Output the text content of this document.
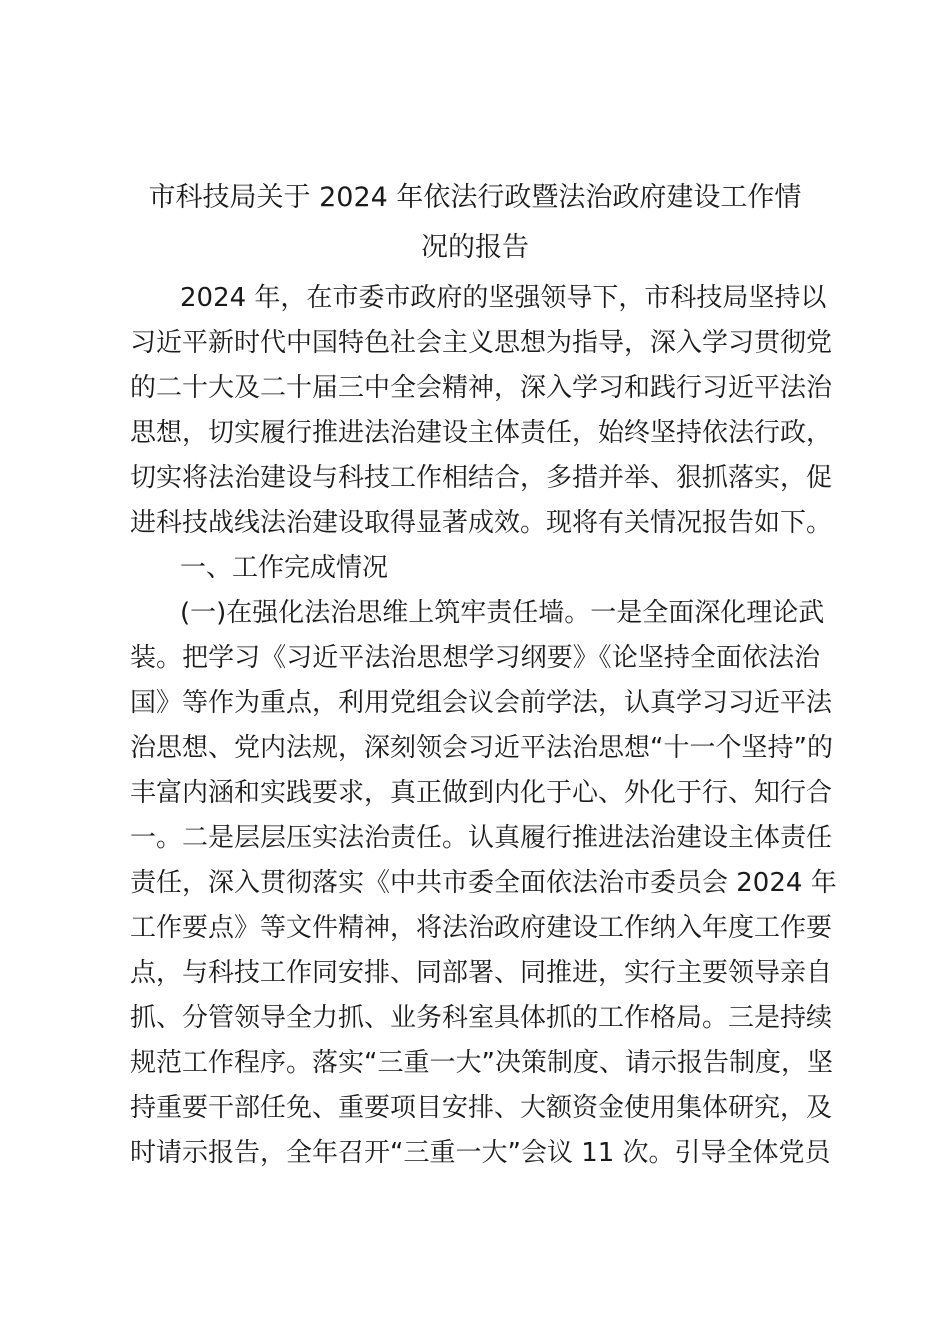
市科技局关于 2024 年依法行政暨法治政府建设工作情
况的报告

2024 年，在市委市政府的坚强领导下，市科技局坚持以

习近平新时代中国特色社会主义思想为指导，深入学习贯彻党

的二十大及二十届三中全会精神，深入学习和践行习近平法治

思想，切实履行推进法治建设主体责任，始终坚持依法行政，

切实将法治建设与科技工作相结合，多措并举、狠抓落实，促

进科技战线法治建设取得显著成效。现将有关情况报告如下。

一、工作完成情况

(一)在强化法治思维上筑牢责任墙。一是全面深化理论武

装。把学习《习近平法治思想学习纲要》《论坚持全面依法治

国》等作为重点，利用党组会议会前学法，认真学习习近平法

治思想、党内法规，深刻领会习近平法治思想“十一个坚持”的

丰富内涵和实践要求，真正做到内化于心、外化于行、知行合

一。二是层层压实法治责任。认真履行推进法治建设主体责任

责任，深入贯彻落实《中共市委全面依法治市委员会 2024 年

工作要点》等文件精神，将法治政府建设工作纳入年度工作要

点，与科技工作同安排、同部署、同推进，实行主要领导亲自

抓、分管领导全力抓、业务科室具体抓的工作格局。三是持续

规范工作程序。落实“三重一大”决策制度、请示报告制度，坚

持重要干部任免、重要项目安排、大额资金使用集体研究，及

时请示报告，全年召开“三重一大”会议 11 次。引导全体党员
